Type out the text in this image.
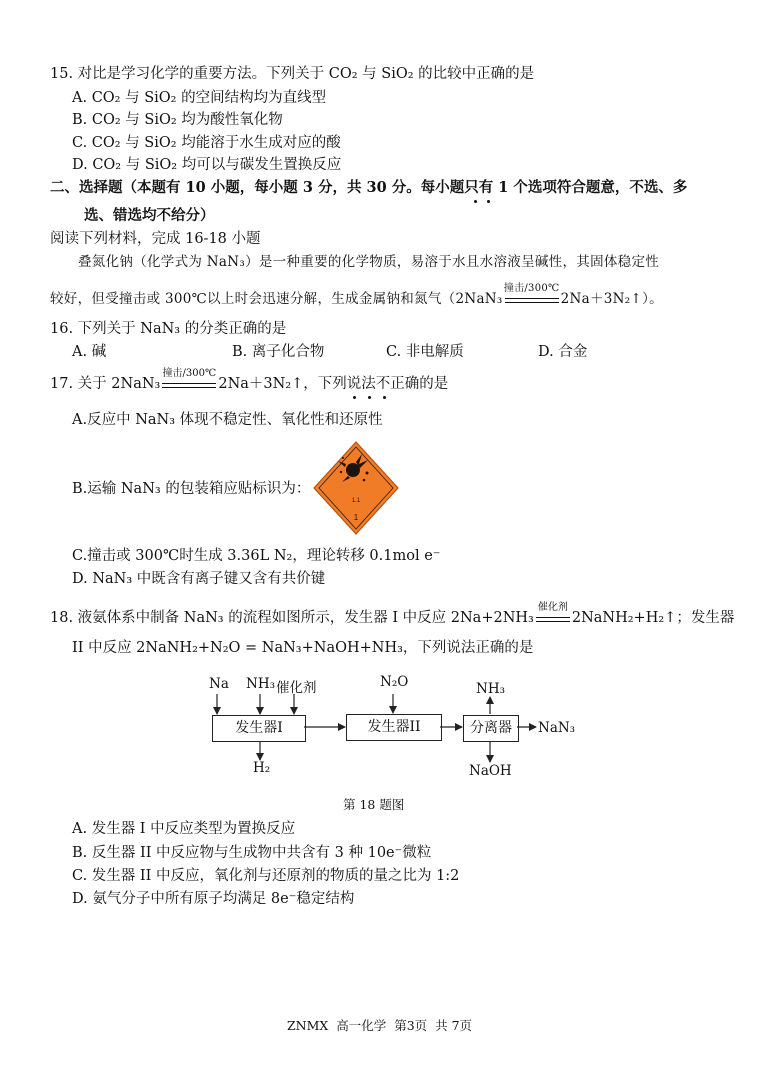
15. 对比是学习化学的重要方法。下列关于 CO₂ 与 SiO₂ 的比较中正确的是
A. CO₂ 与 SiO₂ 的空间结构均为直线型
B. CO₂ 与 SiO₂ 均为酸性氧化物
C. CO₂ 与 SiO₂ 均能溶于水生成对应的酸
D. CO₂ 与 SiO₂ 均可以与碳发生置换反应
二、选择题（本题有 10 小题，每小题 3 分，共 30 分。每小题只有 1 个选项符合题意，不选、多
选、错选均不给分）
阅读下列材料，完成 16-18 小题
叠氮化钠（化学式为 NaN₃）是一种重要的化学物质，易溶于水且水溶液呈碱性，其固体稳定性
较好，但受撞击或 300℃以上时会迅速分解，生成金属钠和氮气（2NaN₃
撞击/300℃
2Na＋3N₂↑）。
16. 下列关于 NaN₃ 的分类正确的是
A. 碱	B. 离子化合物	C. 非电解质	D. 合金
17. 关于 2NaN₃
撞击/300℃
2Na＋3N₂↑，下列说法不正确的是
A.反应中 NaN₃ 体现不稳定性、氧化性和还原性
B.运输 NaN₃ 的包装箱应贴标识为：
1.1
1
C.撞击或 300℃时生成 3.36L N₂，理论转移 0.1mol e⁻
D. NaN₃ 中既含有离子键又含有共价键
18. 液氨体系中制备 NaN₃ 的流程如图所示，发生器 I 中反应 2Na+2NH₃
催化剂
2NaNH₂+H₂↑；发生器
II 中反应 2NaNH₂+N₂O = NaN₃+NaOH+NH₃，下列说法正确的是
Na NH₃ 催化剂	N₂O	NH₃
发生器I	发生器II	分离器	NaN₃
H₂	NaOH
第 18 题图
A. 发生器 I 中反应类型为置换反应
B. 反生器 II 中反应物与生成物中共含有 3 种 10e⁻微粒
C. 发生器 II 中反应，氧化剂与还原剂的物质的量之比为 1:2
D. 氨气分子中所有原子均满足 8e⁻稳定结构
ZNMX  高一化学  第3页  共 7页
